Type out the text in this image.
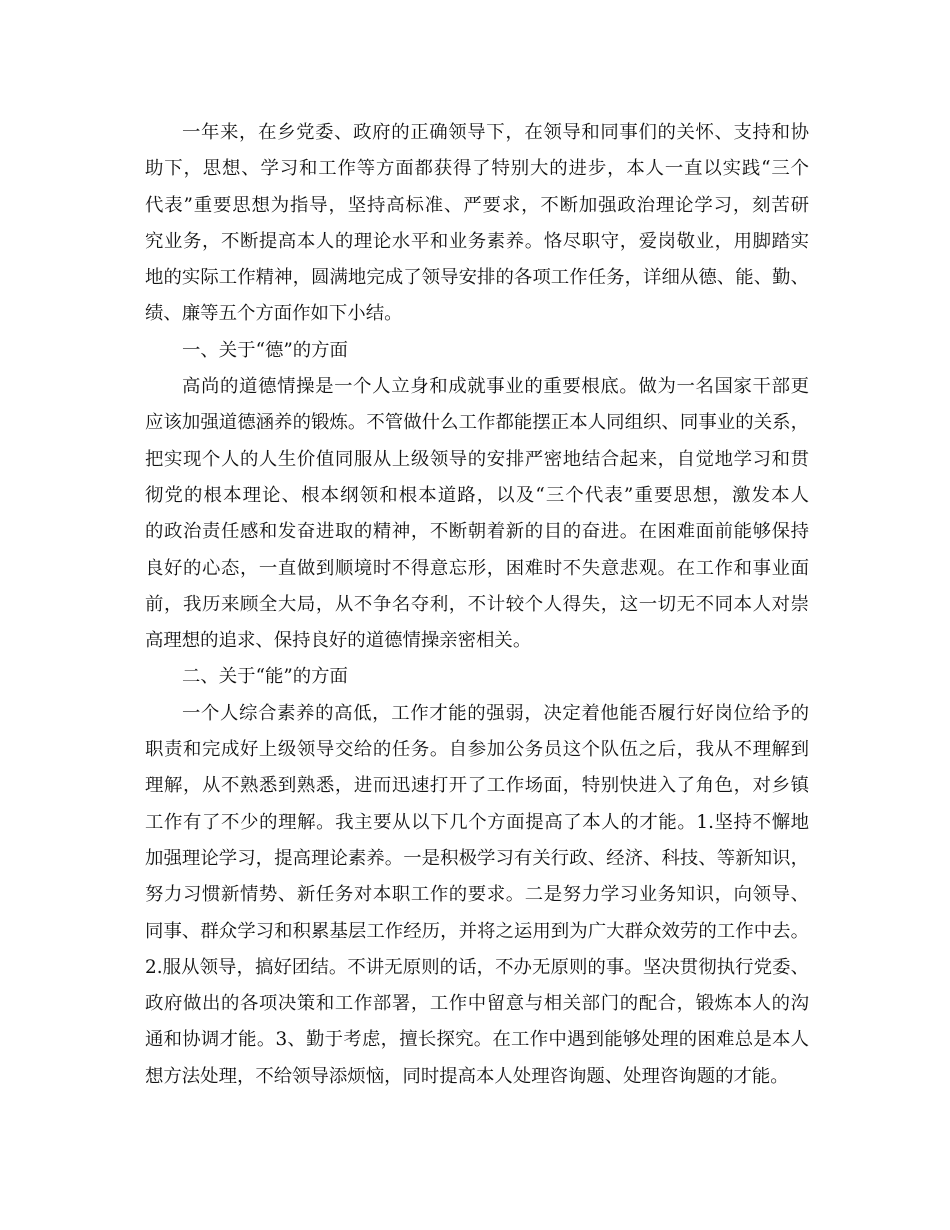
一年来，在乡党委、政府的正确领导下，在领导和同事们的关怀、支持和协
助下，思想、学习和工作等方面都获得了特别大的进步，本人一直以实践“三个
代表”重要思想为指导，坚持高标准、严要求，不断加强政治理论学习，刻苦研
究业务，不断提高本人的理论水平和业务素养。恪尽职守，爱岗敬业，用脚踏实
地的实际工作精神，圆满地完成了领导安排的各项工作任务，详细从德、能、勤、
绩、廉等五个方面作如下小结。
一、关于“德”的方面
高尚的道德情操是一个人立身和成就事业的重要根底。做为一名国家干部更
应该加强道德涵养的锻炼。不管做什么工作都能摆正本人同组织、同事业的关系，
把实现个人的人生价值同服从上级领导的安排严密地结合起来，自觉地学习和贯
彻党的根本理论、根本纲领和根本道路，以及“三个代表”重要思想，激发本人
的政治责任感和发奋进取的精神，不断朝着新的目的奋进。在困难面前能够保持
良好的心态，一直做到顺境时不得意忘形，困难时不失意悲观。在工作和事业面
前，我历来顾全大局，从不争名夺利，不计较个人得失，这一切无不同本人对崇
高理想的追求、保持良好的道德情操亲密相关。
二、关于“能”的方面
一个人综合素养的高低，工作才能的强弱，决定着他能否履行好岗位给予的
职责和完成好上级领导交给的任务。自参加公务员这个队伍之后，我从不理解到
理解，从不熟悉到熟悉，进而迅速打开了工作场面，特别快进入了角色，对乡镇
工作有了不少的理解。我主要从以下几个方面提高了本人的才能。1.坚持不懈地
加强理论学习，提高理论素养。一是积极学习有关行政、经济、科技、等新知识，
努力习惯新情势、新任务对本职工作的要求。二是努力学习业务知识，向领导、
同事、群众学习和积累基层工作经历，并将之运用到为广大群众效劳的工作中去。
2.服从领导，搞好团结。不讲无原则的话，不办无原则的事。坚决贯彻执行党委、
政府做出的各项决策和工作部署，工作中留意与相关部门的配合，锻炼本人的沟
通和协调才能。3、勤于考虑，擅长探究。在工作中遇到能够处理的困难总是本人
想方法处理，不给领导添烦恼，同时提高本人处理咨询题、处理咨询题的才能。
